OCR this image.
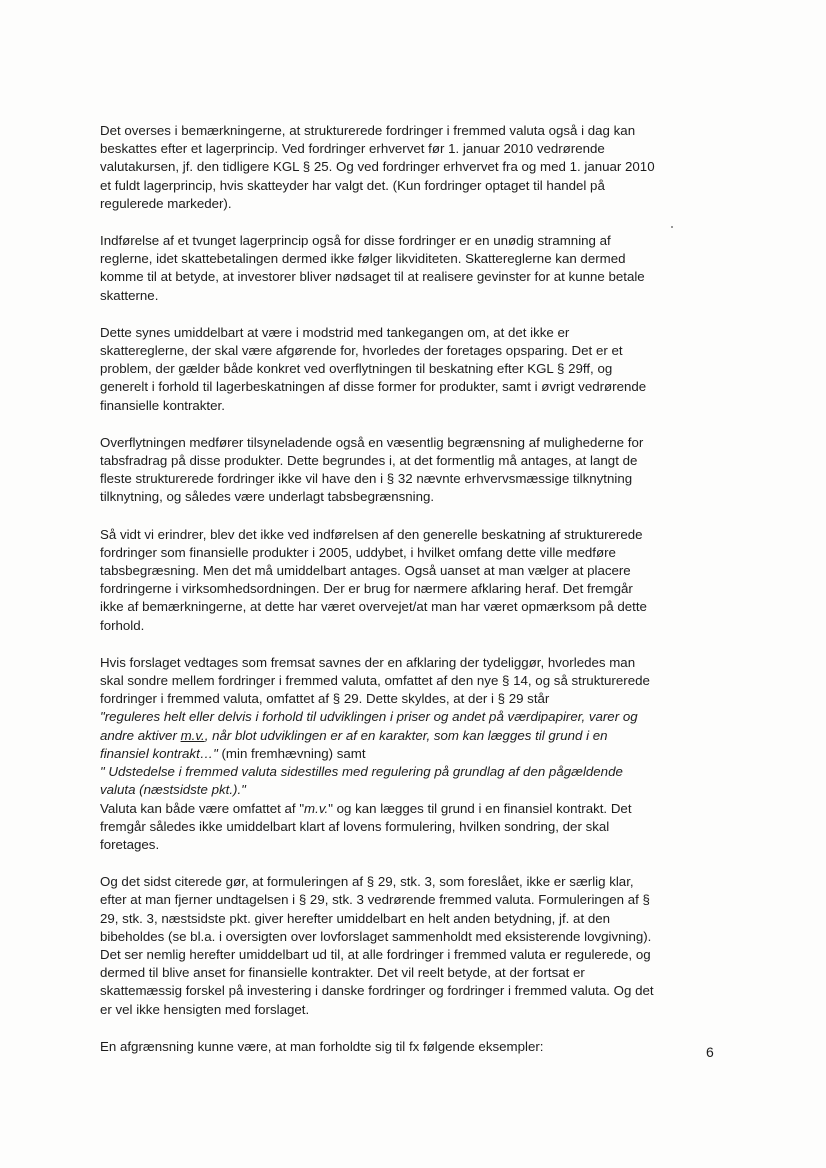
Det overses i bemærkningerne, at strukturerede fordringer i fremmed valuta også i dag kan
beskattes efter et lagerprincip. Ved fordringer erhvervet før 1. januar 2010 vedrørende
valutakursen, jf. den tidligere KGL § 25. Og ved fordringer erhvervet fra og med 1. januar 2010
et fuldt lagerprincip, hvis skatteyder har valgt det. (Kun fordringer optaget til handel på
regulerede markeder).

Indførelse af et tvunget lagerprincip også for disse fordringer er en unødig stramning af
reglerne, idet skattebetalingen dermed ikke følger likviditeten. Skattereglerne kan dermed
komme til at betyde, at investorer bliver nødsaget til at realisere gevinster for at kunne betale
skatterne.

Dette synes umiddelbart at være i modstrid med tankegangen om, at det ikke er
skattereglerne, der skal være afgørende for, hvorledes der foretages opsparing. Det er et
problem, der gælder både konkret ved overflytningen til beskatning efter KGL § 29ff, og
generelt i forhold til lagerbeskatningen af disse former for produkter, samt i øvrigt vedrørende
finansielle kontrakter.

Overflytningen medfører tilsyneladende også en væsentlig begrænsning af mulighederne for
tabsfradrag på disse produkter. Dette begrundes i, at det formentlig må antages, at langt de
fleste strukturerede fordringer ikke vil have den i § 32 nævnte erhvervsmæssige tilknytning
tilknytning, og således være underlagt tabsbegrænsning.

Så vidt vi erindrer, blev det ikke ved indførelsen af den generelle beskatning af strukturerede
fordringer som finansielle produkter i 2005, uddybet, i hvilket omfang dette ville medføre
tabsbegræsning. Men det må umiddelbart antages. Også uanset at man vælger at placere
fordringerne i virksomhedsordningen. Der er brug for nærmere afklaring heraf. Det fremgår
ikke af bemærkningerne, at dette har været overvejet/at man har været opmærksom på dette
forhold.

Hvis forslaget vedtages som fremsat savnes der en afklaring der tydeliggør, hvorledes man
skal sondre mellem fordringer i fremmed valuta, omfattet af den nye § 14, og så strukturerede
fordringer i fremmed valuta, omfattet af § 29. Dette skyldes, at der i § 29 står
"reguleres helt eller delvis i forhold til udviklingen i priser og andet på værdipapirer, varer og
andre aktiver m.v., når blot udviklingen er af en karakter, som kan lægges til grund i en
finansiel kontrakt…" (min fremhævning) samt
" Udstedelse i fremmed valuta sidestilles med regulering på grundlag af den pågældende
valuta (næstsidste pkt.)."
Valuta kan både være omfattet af "m.v." og kan lægges til grund i en finansiel kontrakt. Det
fremgår således ikke umiddelbart klart af lovens formulering, hvilken sondring, der skal
foretages.

Og det sidst citerede gør, at formuleringen af § 29, stk. 3, som foreslået, ikke er særlig klar,
efter at man fjerner undtagelsen i § 29, stk. 3 vedrørende fremmed valuta. Formuleringen af §
29, stk. 3, næstsidste pkt. giver herefter umiddelbart en helt anden betydning, jf. at den
bibeholdes (se bl.a. i oversigten over lovforslaget sammenholdt med eksisterende lovgivning).
Det ser nemlig herefter umiddelbart ud til, at alle fordringer i fremmed valuta er regulerede, og
dermed til blive anset for finansielle kontrakter. Det vil reelt betyde, at der fortsat er
skattemæssig forskel på investering i danske fordringer og fordringer i fremmed valuta. Og det
er vel ikke hensigten med forslaget.

En afgrænsning kunne være, at man forholdte sig til fx følgende eksempler:	6
